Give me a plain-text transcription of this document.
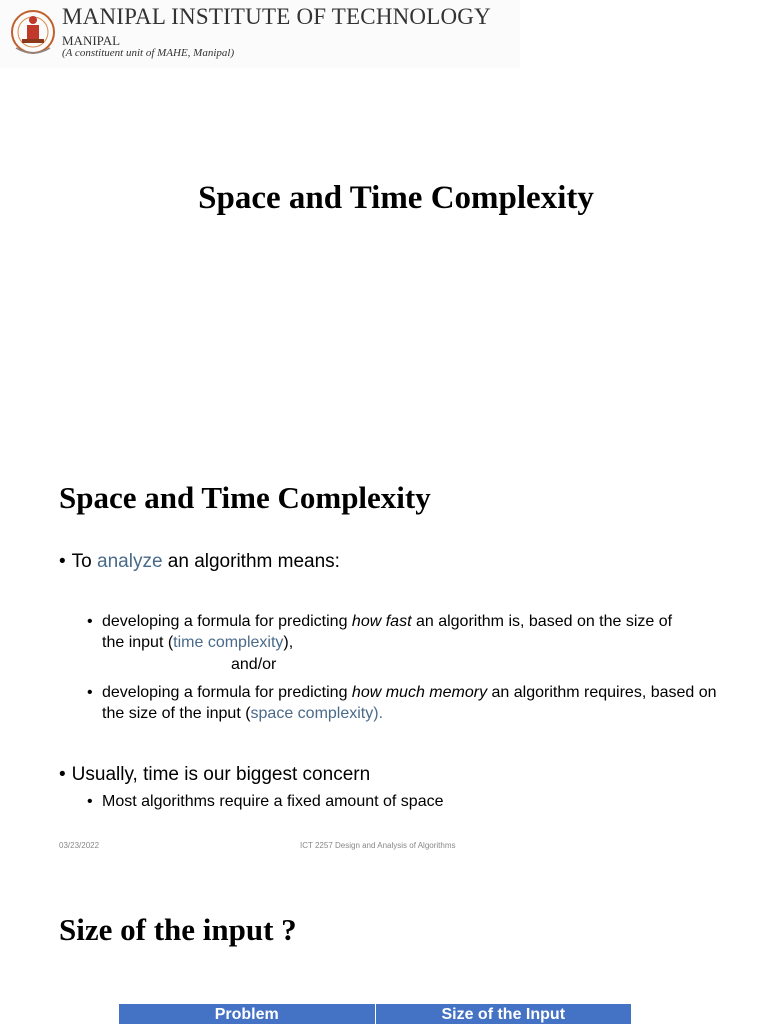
MANIPAL INSTITUTE OF TECHNOLOGY
MANIPAL
(A constituent unit of MAHE, Manipal)
Space and Time Complexity
Space and Time Complexity
• To analyze an algorithm means:
• developing a formula for predicting how fast an algorithm is, based on the size of the input (time complexity),
and/or
• developing a formula for predicting how much memory an algorithm requires, based on the size of the input (space complexity).
• Usually, time is our biggest concern
• Most algorithms require a fixed amount of space
03/23/2022	ICT 2257 Design and Analysis of Algorithms
Size of the input ?
Problem	Size of the Input
